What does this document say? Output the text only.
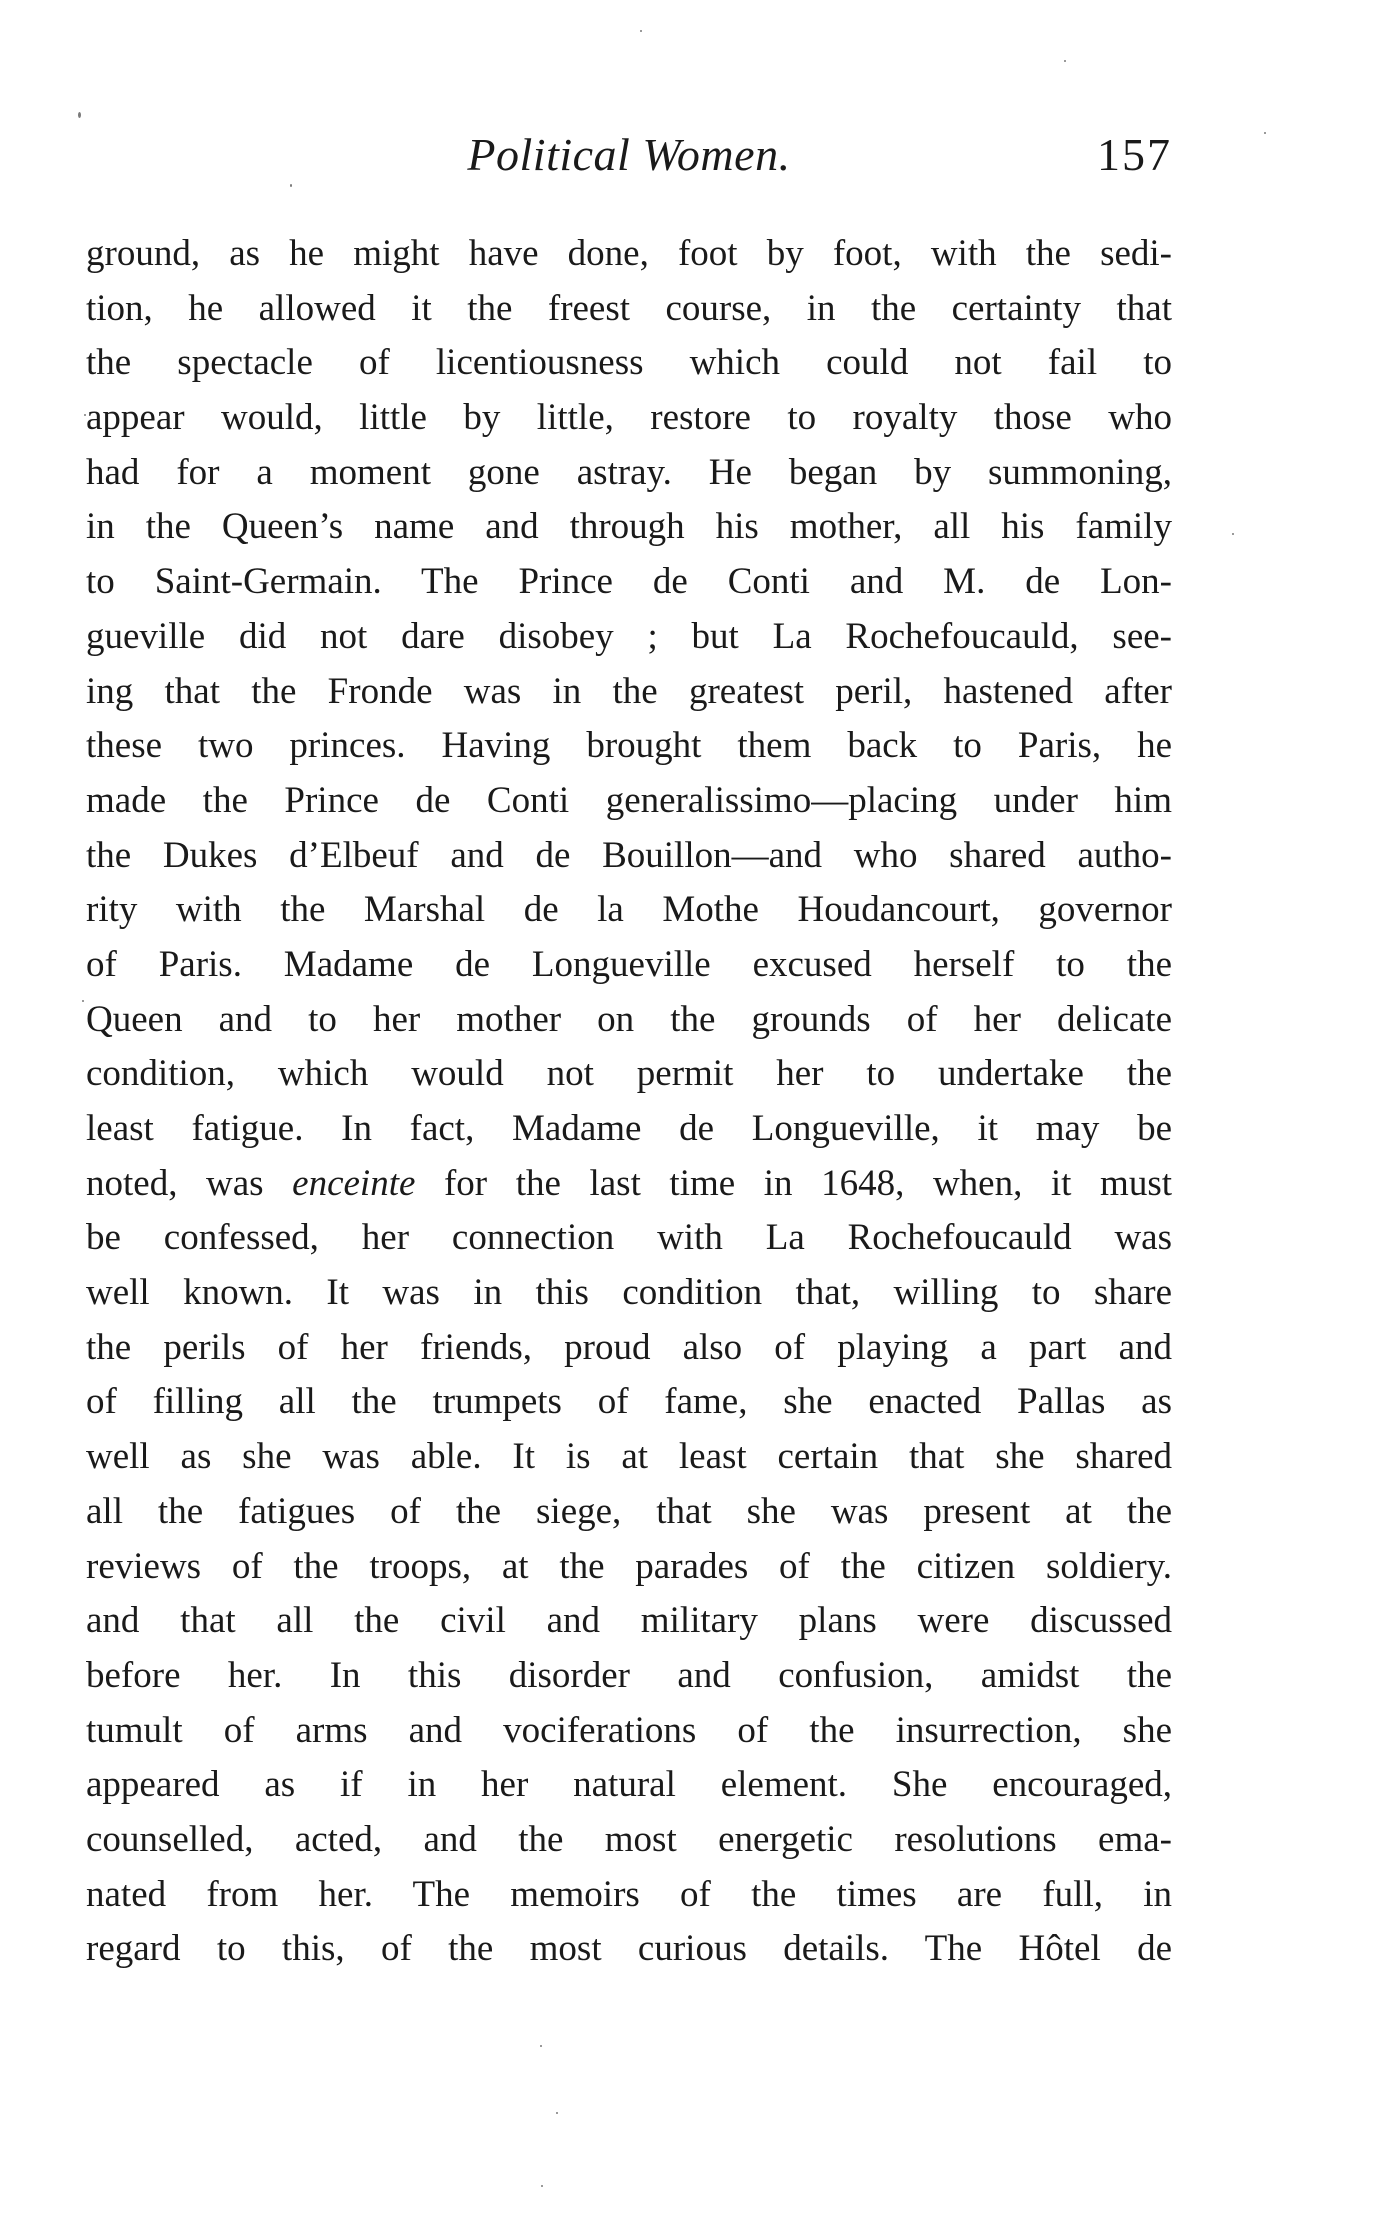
Political Women.	157
ground, as he might have done, foot by foot, with the sedi-
tion, he allowed it the freest course, in the certainty that
the spectacle of licentiousness which could not fail to
appear would, little by little, restore to royalty those who
had for a moment gone astray. He began by summoning,
in the Queen’s name and through his mother, all his family
to Saint-Germain. The Prince de Conti and M. de Lon-
gueville did not dare disobey ; but La Rochefoucauld, see-
ing that the Fronde was in the greatest peril, hastened after
these two princes. Having brought them back to Paris, he
made the Prince de Conti generalissimo—placing under him
the Dukes d’Elbeuf and de Bouillon—and who shared autho-
rity with the Marshal de la Mothe Houdancourt, governor
of Paris. Madame de Longueville excused herself to the
Queen and to her mother on the grounds of her delicate
condition, which would not permit her to undertake the
least fatigue. In fact, Madame de Longueville, it may be
noted, was enceinte for the last time in 1648, when, it must
be confessed, her connection with La Rochefoucauld was
well known. It was in this condition that, willing to share
the perils of her friends, proud also of playing a part and
of filling all the trumpets of fame, she enacted Pallas as
well as she was able. It is at least certain that she shared
all the fatigues of the siege, that she was present at the
reviews of the troops, at the parades of the citizen soldiery.
and that all the civil and military plans were discussed
before her. In this disorder and confusion, amidst the
tumult of arms and vociferations of the insurrection, she
appeared as if in her natural element. She encouraged,
counselled, acted, and the most energetic resolutions ema-
nated from her. The memoirs of the times are full, in
regard to this, of the most curious details. The Hôtel de
